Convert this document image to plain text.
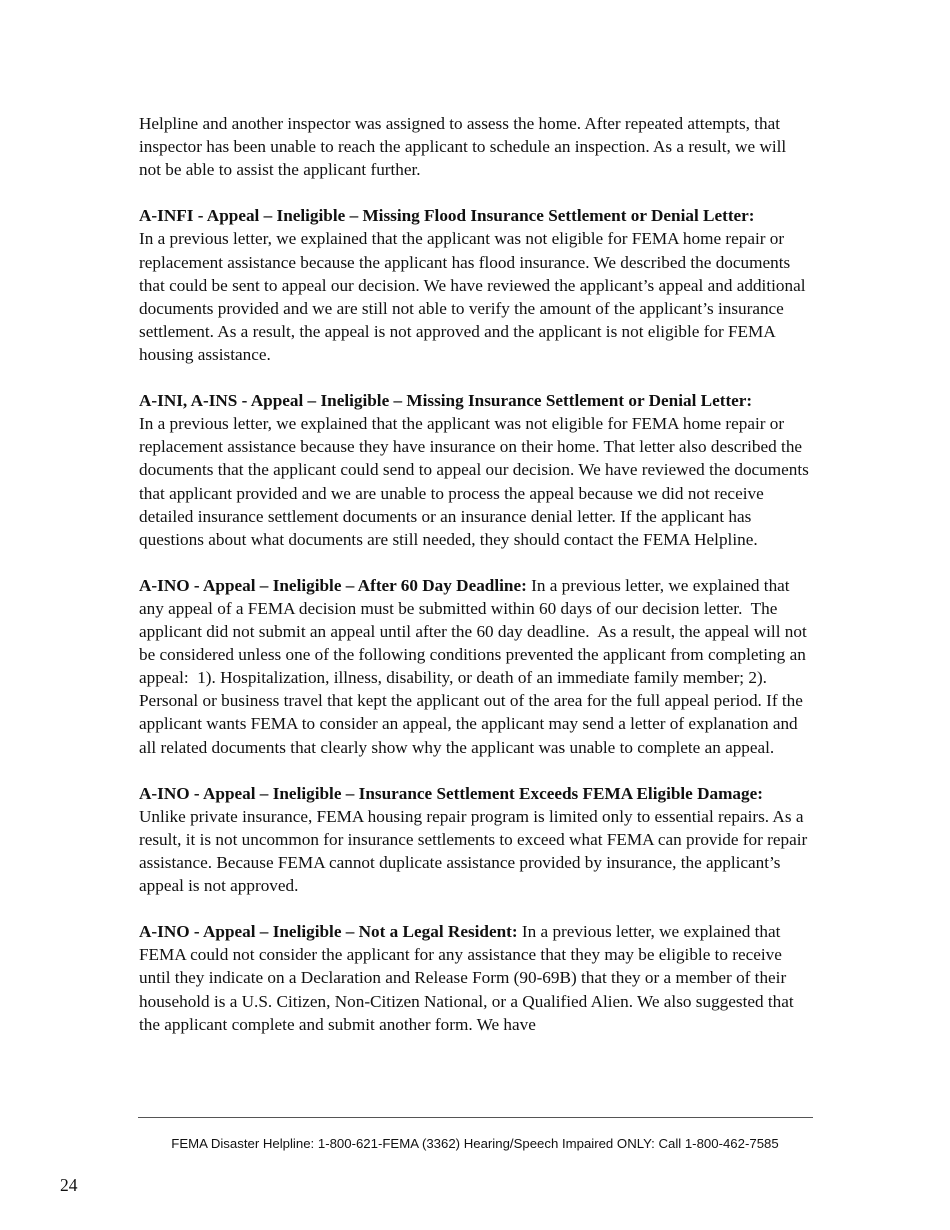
Helpline and another inspector was assigned to assess the home. After repeated attempts, that inspector has been unable to reach the applicant to schedule an inspection. As a result, we will not be able to assist the applicant further.

A-INFI - Appeal – Ineligible – Missing Flood Insurance Settlement or Denial Letter:
In a previous letter, we explained that the applicant was not eligible for FEMA home repair or replacement assistance because the applicant has flood insurance. We described the documents that could be sent to appeal our decision. We have reviewed the applicant’s appeal and additional documents provided and we are still not able to verify the amount of the applicant’s insurance settlement. As a result, the appeal is not approved and the applicant is not eligible for FEMA housing assistance.

A-INI, A-INS - Appeal – Ineligible – Missing Insurance Settlement or Denial Letter:
In a previous letter, we explained that the applicant was not eligible for FEMA home repair or replacement assistance because they have insurance on their home. That letter also described the documents that the applicant could send to appeal our decision. We have reviewed the documents that applicant provided and we are unable to process the appeal because we did not receive detailed insurance settlement documents or an insurance denial letter. If the applicant has questions about what documents are still needed, they should contact the FEMA Helpline.

A-INO - Appeal – Ineligible – After 60 Day Deadline: In a previous letter, we explained that any appeal of a FEMA decision must be submitted within 60 days of our decision letter.  The applicant did not submit an appeal until after the 60 day deadline.  As a result, the appeal will not be considered unless one of the following conditions prevented the applicant from completing an appeal:  1). Hospitalization, illness, disability, or death of an immediate family member; 2). Personal or business travel that kept the applicant out of the area for the full appeal period. If the applicant wants FEMA to consider an appeal, the applicant may send a letter of explanation and all related documents that clearly show why the applicant was unable to complete an appeal.

A-INO - Appeal – Ineligible – Insurance Settlement Exceeds FEMA Eligible Damage:
Unlike private insurance, FEMA housing repair program is limited only to essential repairs. As a result, it is not uncommon for insurance settlements to exceed what FEMA can provide for repair assistance. Because FEMA cannot duplicate assistance provided by insurance, the applicant’s appeal is not approved.

A-INO - Appeal – Ineligible – Not a Legal Resident: In a previous letter, we explained that FEMA could not consider the applicant for any assistance that they may be eligible to receive until they indicate on a Declaration and Release Form (90-69B) that they or a member of their household is a U.S. Citizen, Non-Citizen National, or a Qualified Alien. We also suggested that the applicant complete and submit another form. We have

FEMA Disaster Helpline: 1-800-621-FEMA (3362) Hearing/Speech Impaired ONLY: Call 1-800-462-7585
24
